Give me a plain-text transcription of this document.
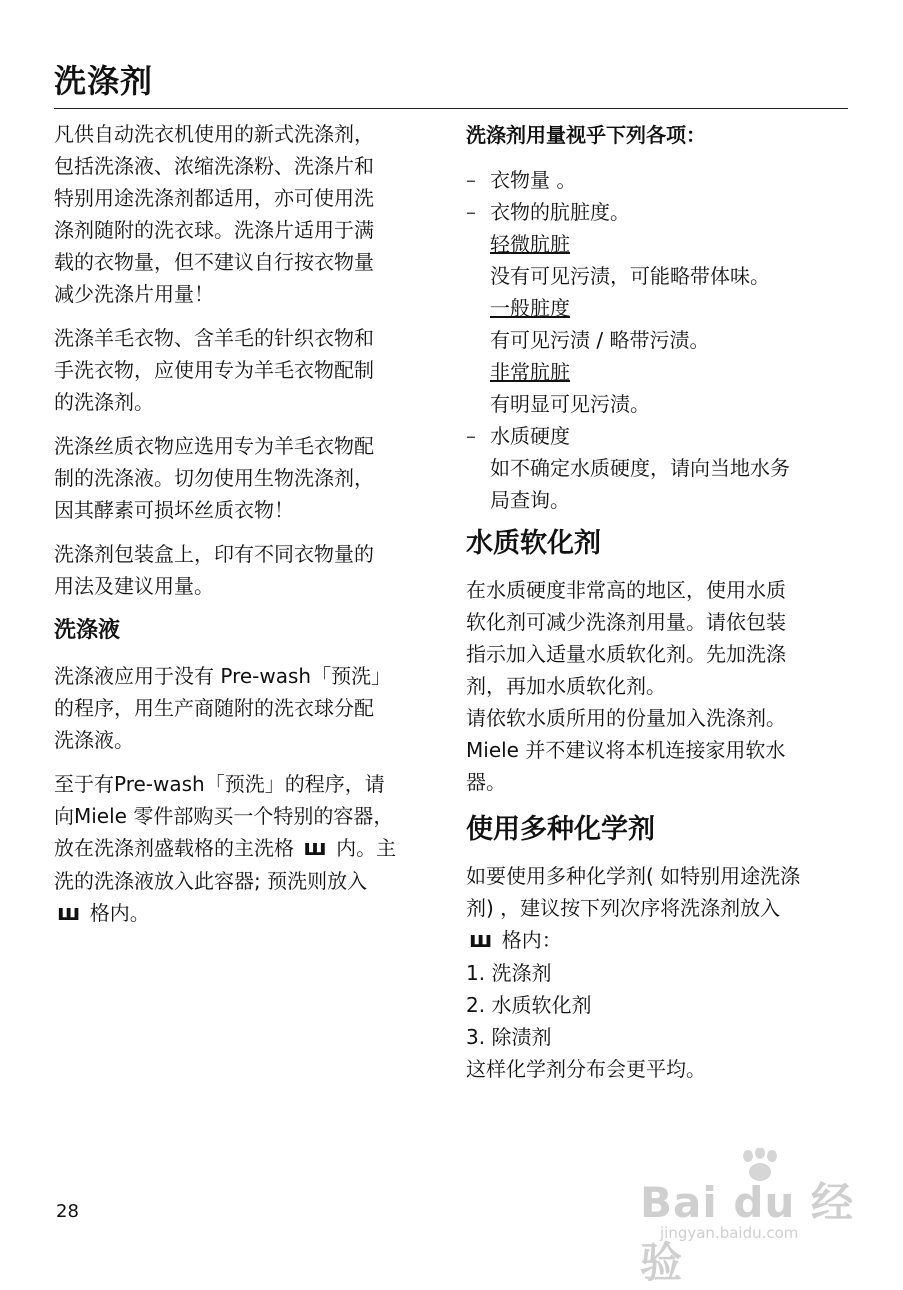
洗涤剂
凡供自动洗衣机使用的新式洗涤剂，
包括洗涤液、浓缩洗涤粉、洗涤片和
特别用途洗涤剂都适用，亦可使用洗
涤剂随附的洗衣球。洗涤片适用于满
载的衣物量，但不建议自行按衣物量
减少洗涤片用量！
洗涤羊毛衣物、含羊毛的针织衣物和
手洗衣物，应使用专为羊毛衣物配制
的洗涤剂。
洗涤丝质衣物应选用专为羊毛衣物配
制的洗涤液。切勿使用生物洗涤剂，
因其酵素可损坏丝质衣物！
洗涤剂包装盒上，印有不同衣物量的
用法及建议用量。
洗涤液
洗涤液应用于没有 Pre-wash「预洗」
的程序，用生产商随附的洗衣球分配
洗涤液。
至于有Pre-wash「预洗」的程序，请
向Miele 零件部购买一个特别的容器，
放在洗涤剂盛载格的主洗格 ш 内。主
洗的洗涤液放入此容器; 预洗则放入
ш 格内。
洗涤剂用量视乎下列各项：
– 衣物量 。
– 衣物的肮脏度。
轻微肮脏
没有可见污渍，可能略带体味。
一般脏度
有可见污渍 / 略带污渍。
非常肮脏
有明显可见污渍。
– 水质硬度
如不确定水质硬度，请向当地水务
局查询。
水质软化剂
在水质硬度非常高的地区，使用水质
软化剂可减少洗涤剂用量。请依包装
指示加入适量水质软化剂。先加洗涤
剂，再加水质软化剂。
请依软水质所用的份量加入洗涤剂。
Miele 并不建议将本机连接家用软水
器。
使用多种化学剂
如要使用多种化学剂( 如特别用途洗涤
剂) ，建议按下列次序将洗涤剂放入
ш 格内：
1. 洗涤剂
2. 水质软化剂
3. 除渍剂
这样化学剂分布会更平均。

28	Bai du 经验
jingyan.baidu.com
